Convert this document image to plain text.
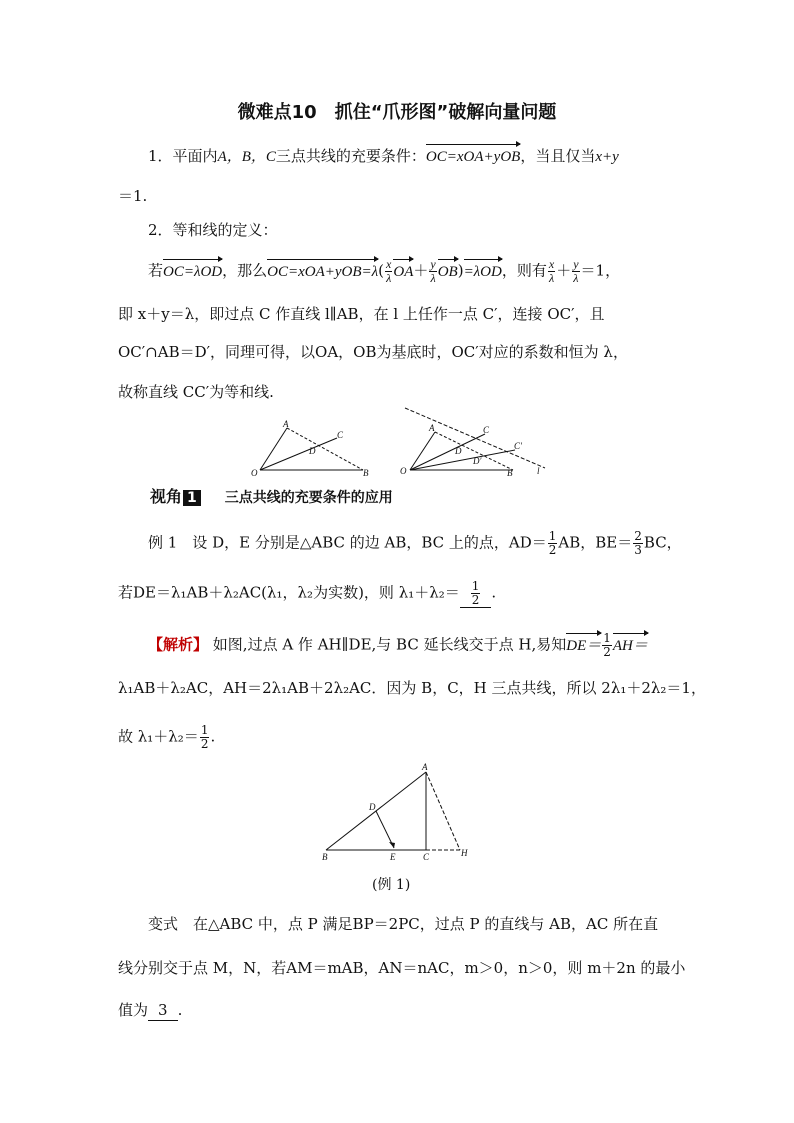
微难点10　抓住“爪形图”破解向量问题
1．平面内A，B，C三点共线的充要条件：OC=xOA+yOB，当且仅当x+y
＝1.
2．等和线的定义：
若OC=λOD，那么$OC=xOA+yOB=\lambda( \frac{x}{\lambda} OA+ \frac{y}{\lambda} OB)=\lambda OD$，则有 $\frac{x}{\lambda} + \frac{y}{\lambda} =1$，
即 x＋y＝λ，即过点 C 作直线 l∥AB，在 l 上任作一点 C′，连接 OC′，且
OC′∩AB＝D′，同理可得，以OA，OB为基底时，OC′对应的系数和恒为 λ，
故称直线 CC′为等和线.
A
C
D
O	B
A	C
C′
D
D′
O	B	l
视角 1 三点共线的充要条件的应用
例 1　设 D，E 分别是△ABC 的边 AB，BC 上的点，$AD= \frac{1}{2}$ AB，$BE= \frac{2}{3}$ BC，
若DE＝λ₁AB＋λ₂AC(λ₁，λ₂为实数)，则 $\lambda_1+\lambda_2= \frac{1}{2}$ .
【解析】 如图,过点 A 作 AH∥DE,与 BC 延长线交于点 H,易知$DE= \frac{1}{2} AH=$
λ₁AB＋λ₂AC，AH＝2λ₁AB＋2λ₂AC．因为 B，C，H 三点共线，所以 2λ₁＋2λ₂＝1，
故 $\lambda_1+\lambda_2= \frac{1}{2}$ .
A
D
B	E	C	H
(例 1)
变式　在△ABC 中，点 P 满足BP＝2PC，过点 P 的直线与 AB，AC 所在直
线分别交于点 M，N，若AM＝mAB，AN＝nAC，m＞0，n＞0，则 m＋2n 的最小
值为 3 .
